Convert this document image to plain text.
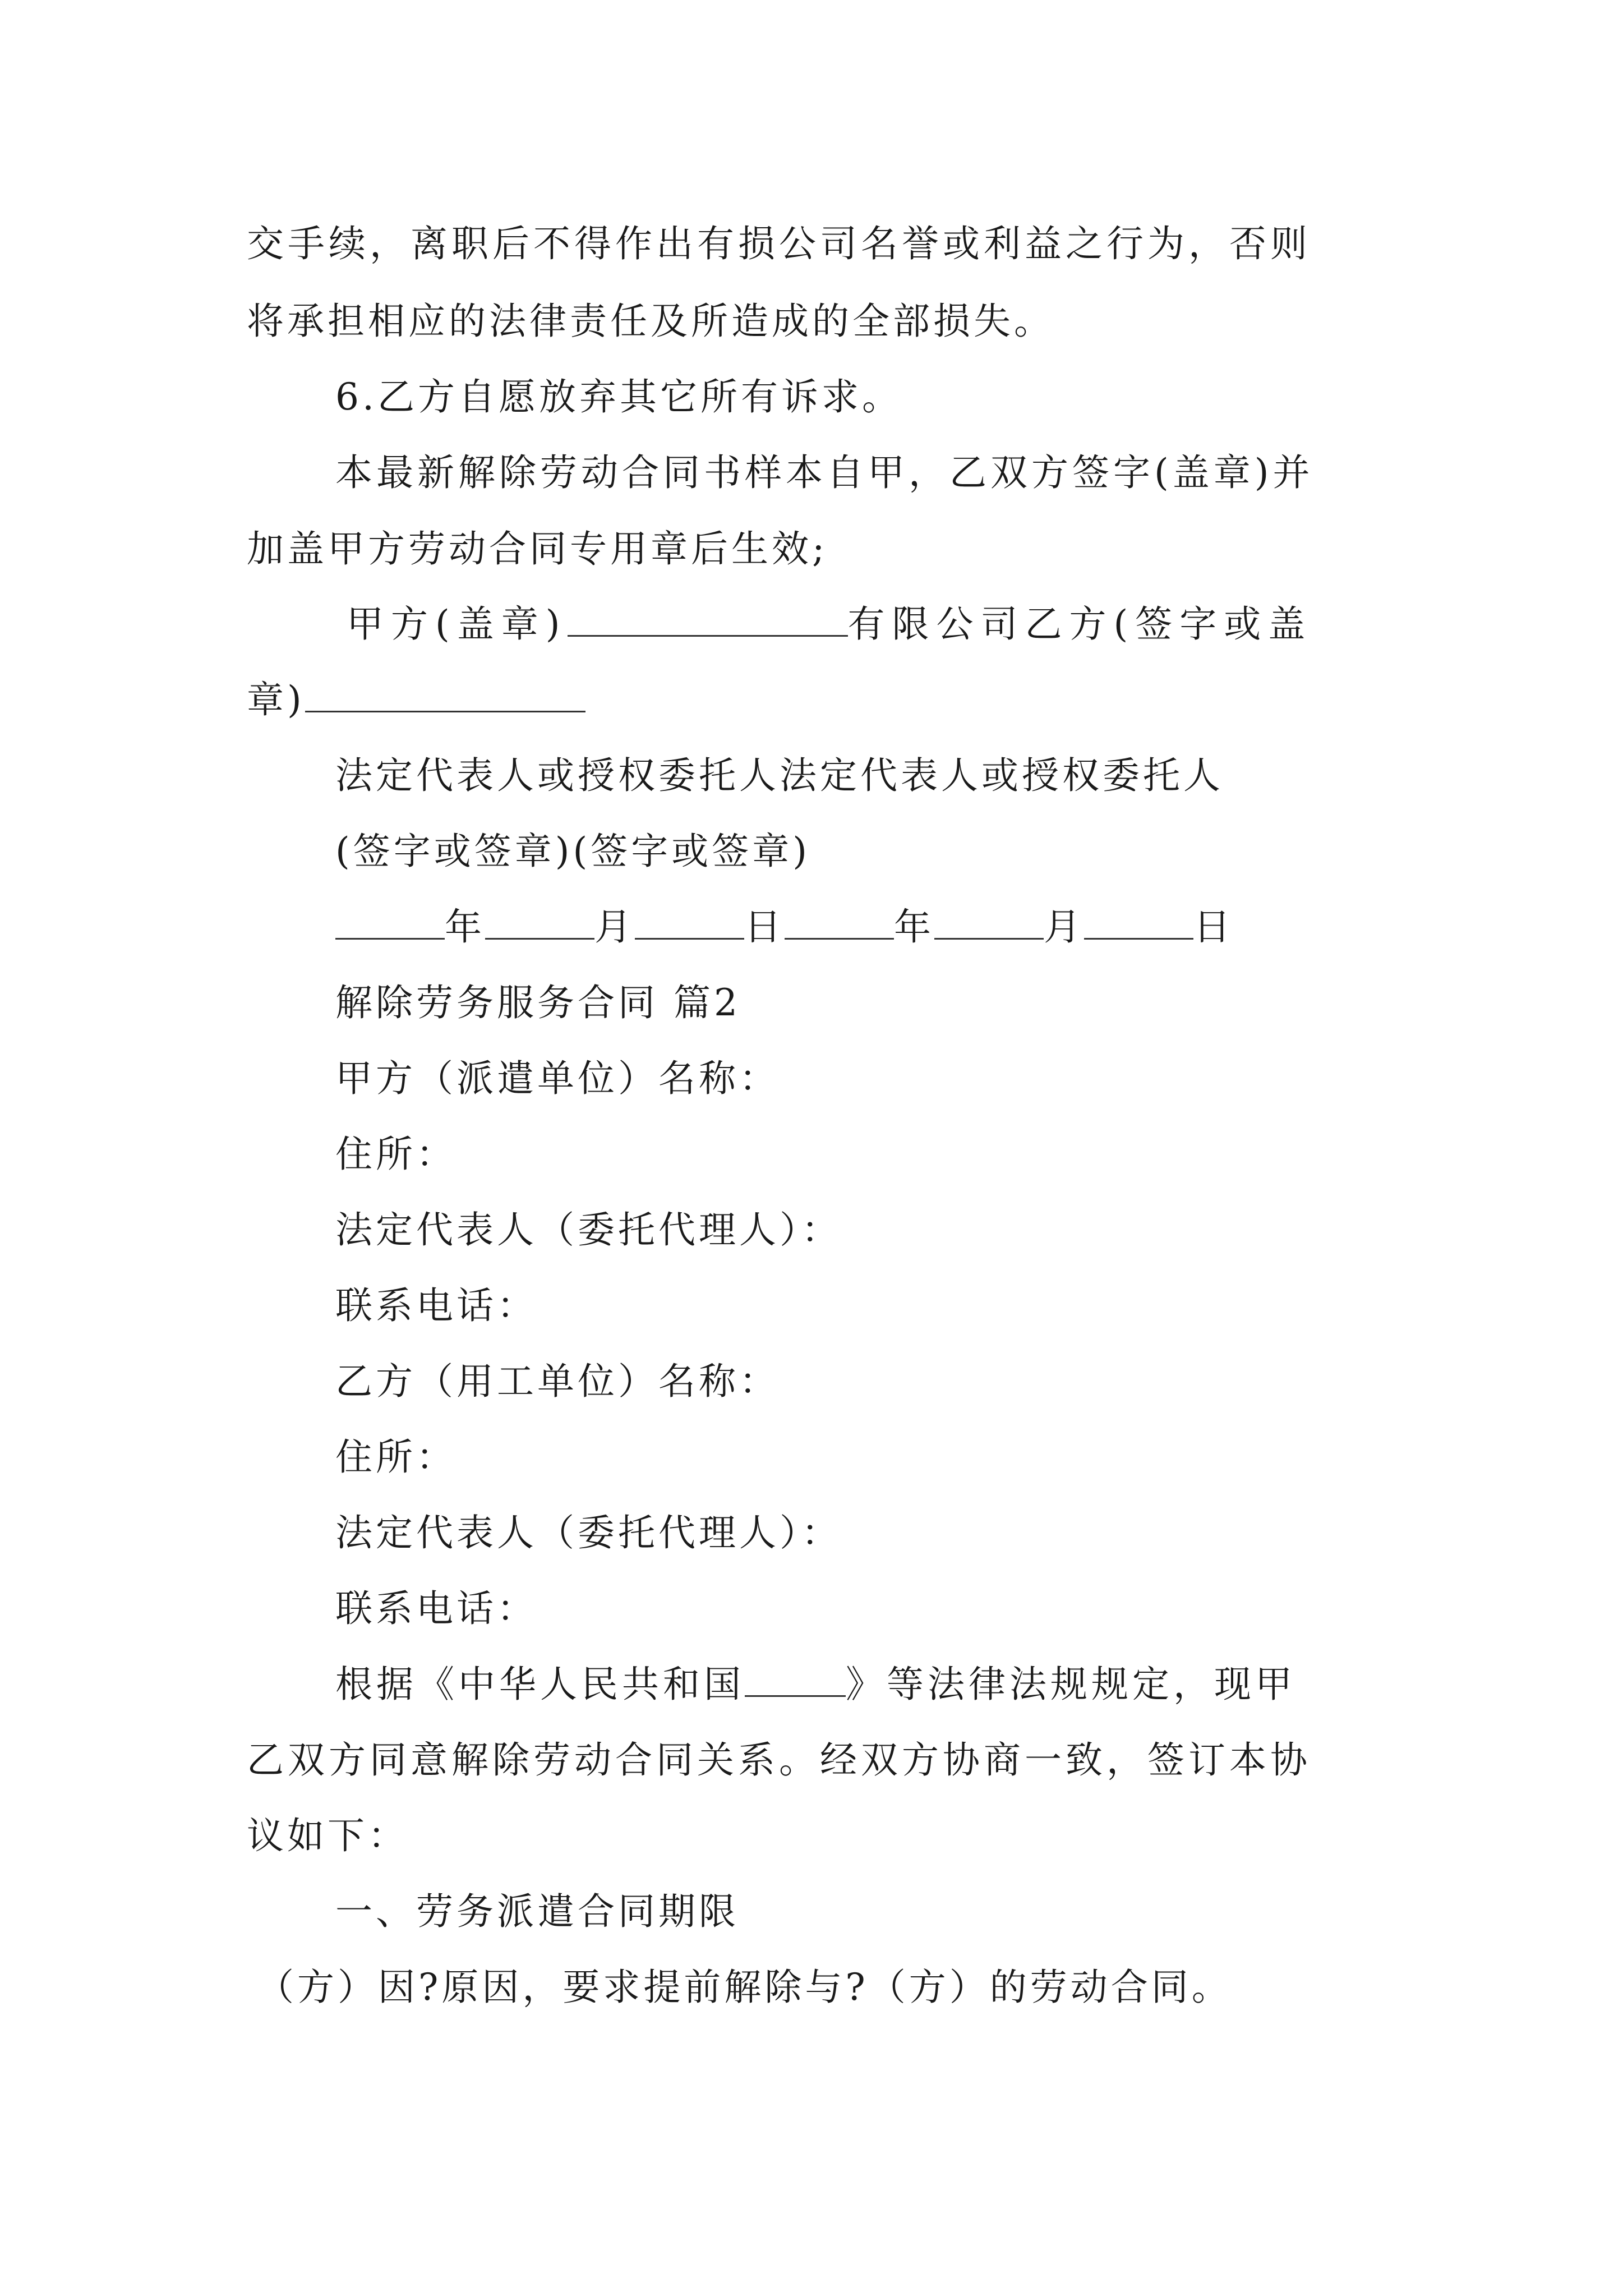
交手续，离职后不得作出有损公司名誉或利益之行为，否则
将承担相应的法律责任及所造成的全部损失。
6.乙方自愿放弃其它所有诉求。
本最新解除劳动合同书样本自甲，乙双方签字(盖章)并
加盖甲方劳动合同专用章后生效;
甲方(盖章)	有限公司乙方(签字或盖
章)
法定代表人或授权委托人法定代表人或授权委托人
(签字或签章)(签字或签章)
年	月	日	年	月	日
解除劳务服务合同 篇2
甲方（派遣单位）名称：
住所：
法定代表人（委托代理人）：
联系电话：
乙方（用工单位）名称：
住所：
法定代表人（委托代理人）：
联系电话：
根据《中华人民共和国	》等法律法规规定，现甲
乙双方同意解除劳动合同关系。经双方协商一致，签订本协
议如下：
一、劳务派遣合同期限
（方）因?原因，要求提前解除与?（方）的劳动合同。
